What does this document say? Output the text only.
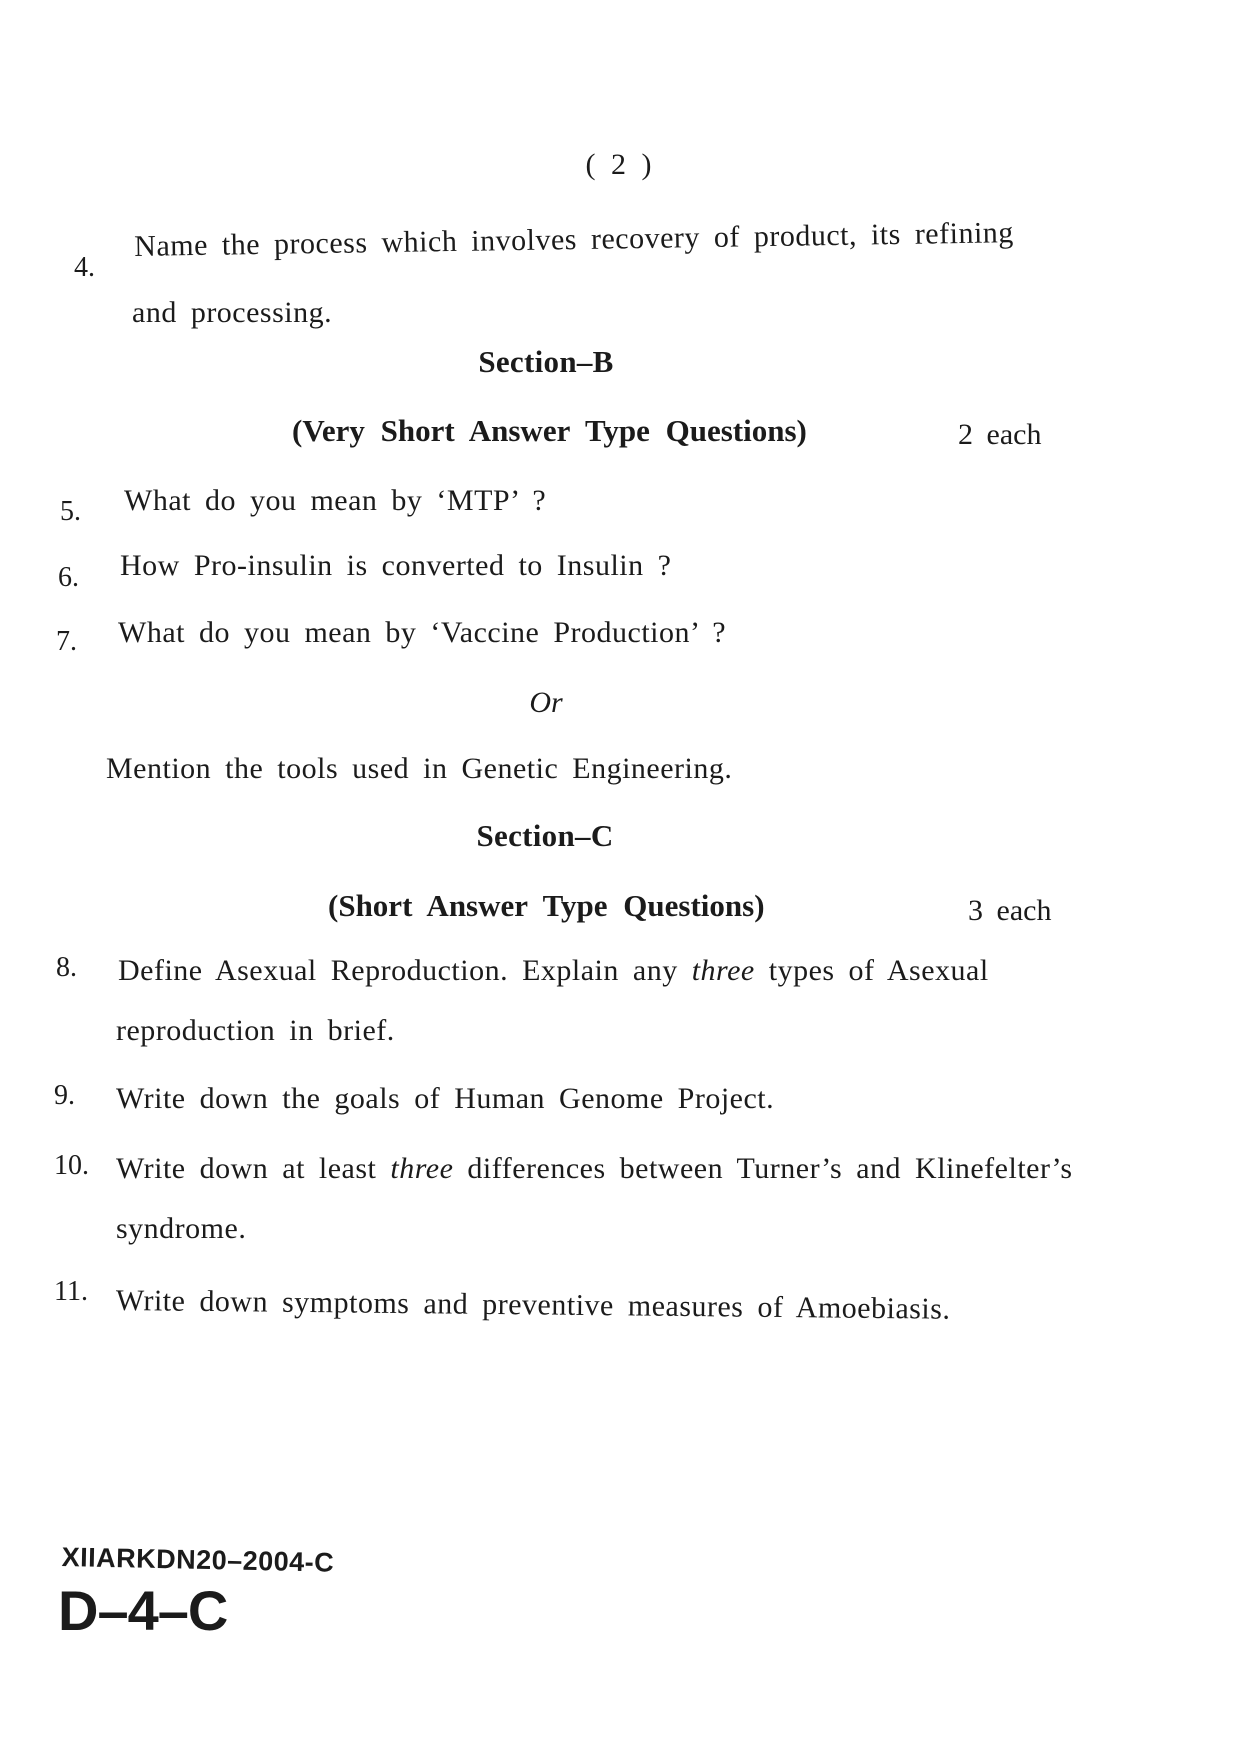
( 2 )
4.
Name the process which involves recovery of product, its refining
and processing.
Section–B
(Very Short Answer Type Questions)	2 each
5. What do you mean by ‘MTP’ ?
6. How Pro-insulin is converted to Insulin ?
7. What do you mean by ‘Vaccine Production’ ?
Or
Mention the tools used in Genetic Engineering.
Section–C
(Short Answer Type Questions)	3 each
8. Define Asexual Reproduction. Explain any three types of Asexual
reproduction in brief.
9. Write down the goals of Human Genome Project.
10. Write down at least three differences between Turner’s and Klinefelter’s
syndrome.
11. Write down symptoms and preventive measures of Amoebiasis.
XIIARKDN20–2004-C
D–4–C
